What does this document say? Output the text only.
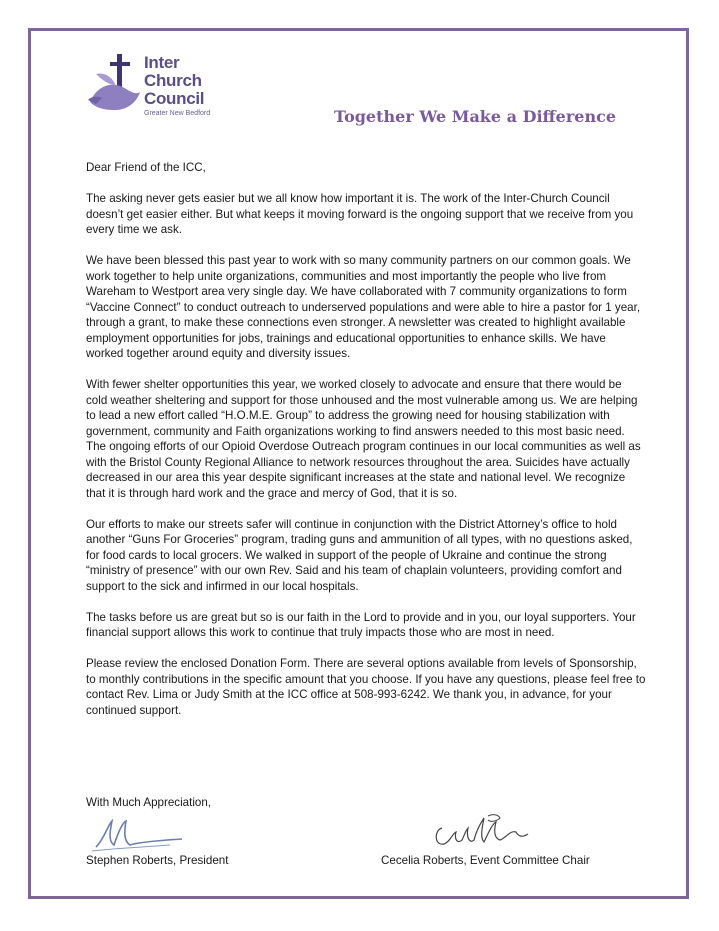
Inter
Church
Council
Greater New Bedford	Together We Make a Difference

Dear Friend of the ICC,

The asking never gets easier but we all know how important it is. The work of the Inter-Church Council doesn’t get easier either. But what keeps it moving forward is the ongoing support that we receive from you every time we ask.

We have been blessed this past year to work with so many community partners on our common goals. We work together to help unite organizations, communities and most importantly the people who live from Wareham to Westport area very single day. We have collaborated with 7 community organizations to form “Vaccine Connect” to conduct outreach to underserved populations and were able to hire a pastor for 1 year, through a grant, to make these connections even stronger. A newsletter was created to highlight available employment opportunities for jobs, trainings and educational opportunities to enhance skills. We have worked together around equity and diversity issues.

With fewer shelter opportunities this year, we worked closely to advocate and ensure that there would be cold weather sheltering and support for those unhoused and the most vulnerable among us. We are helping to lead a new effort called “H.O.M.E. Group” to address the growing need for housing stabilization with government, community and Faith organizations working to find answers needed to this most basic need. The ongoing efforts of our Opioid Overdose Outreach program continues in our local communities as well as with the Bristol County Regional Alliance to network resources throughout the area. Suicides have actually decreased in our area this year despite significant increases at the state and national level. We recognize that it is through hard work and the grace and mercy of God, that it is so.

Our efforts to make our streets safer will continue in conjunction with the District Attorney’s office to hold another “Guns For Groceries” program, trading guns and ammunition of all types, with no questions asked, for food cards to local grocers. We walked in support of the people of Ukraine and continue the strong “ministry of presence” with our own Rev. Said and his team of chaplain volunteers, providing comfort and support to the sick and infirmed in our local hospitals.

The tasks before us are great but so is our faith in the Lord to provide and in you, our loyal supporters. Your financial support allows this work to continue that truly impacts those who are most in need.

Please review the enclosed Donation Form. There are several options available from levels of Sponsorship, to monthly contributions in the specific amount that you choose. If you have any questions, please feel free to contact Rev. Lima or Judy Smith at the ICC office at 508-993-6242. We thank you, in advance, for your continued support.

With Much Appreciation,
Stephen Roberts, President	Cecelia Roberts, Event Committee Chair
